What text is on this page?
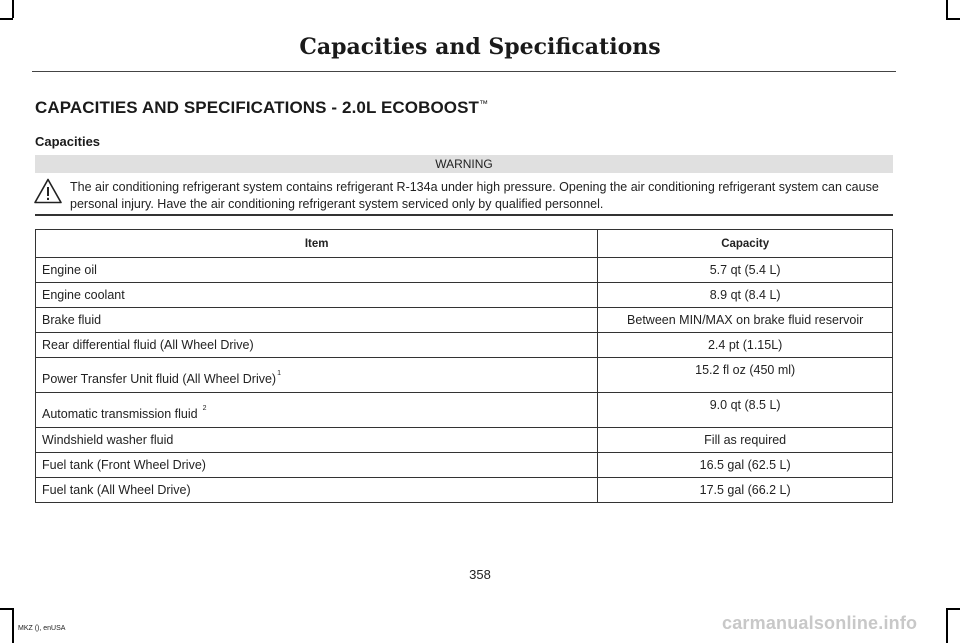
Capacities and Specifications
CAPACITIES AND SPECIFICATIONS - 2.0L ECOBOOST™
Capacities
WARNING
The air conditioning refrigerant system contains refrigerant R-134a under high pressure. Opening the air conditioning refrigerant system can cause personal injury. Have the air conditioning refrigerant system serviced only by qualified personnel.
Item	Capacity
Engine oil	5.7 qt (5.4 L)
Engine coolant	8.9 qt (8.4 L)
Brake fluid	Between MIN/MAX on brake fluid reservoir
Rear differential fluid (All Wheel Drive)	2.4 pt (1.15L)
Power Transfer Unit fluid (All Wheel Drive)$^1$	15.2 fl oz (450 ml)
Automatic transmission fluid $^2$	9.0 qt (8.5 L)
Windshield washer fluid	Fill as required
Fuel tank (Front Wheel Drive)	16.5 gal (62.5 L)
Fuel tank (All Wheel Drive)	17.5 gal (66.2 L)
358
MKZ (), enUSA	carmanualsonline.info
